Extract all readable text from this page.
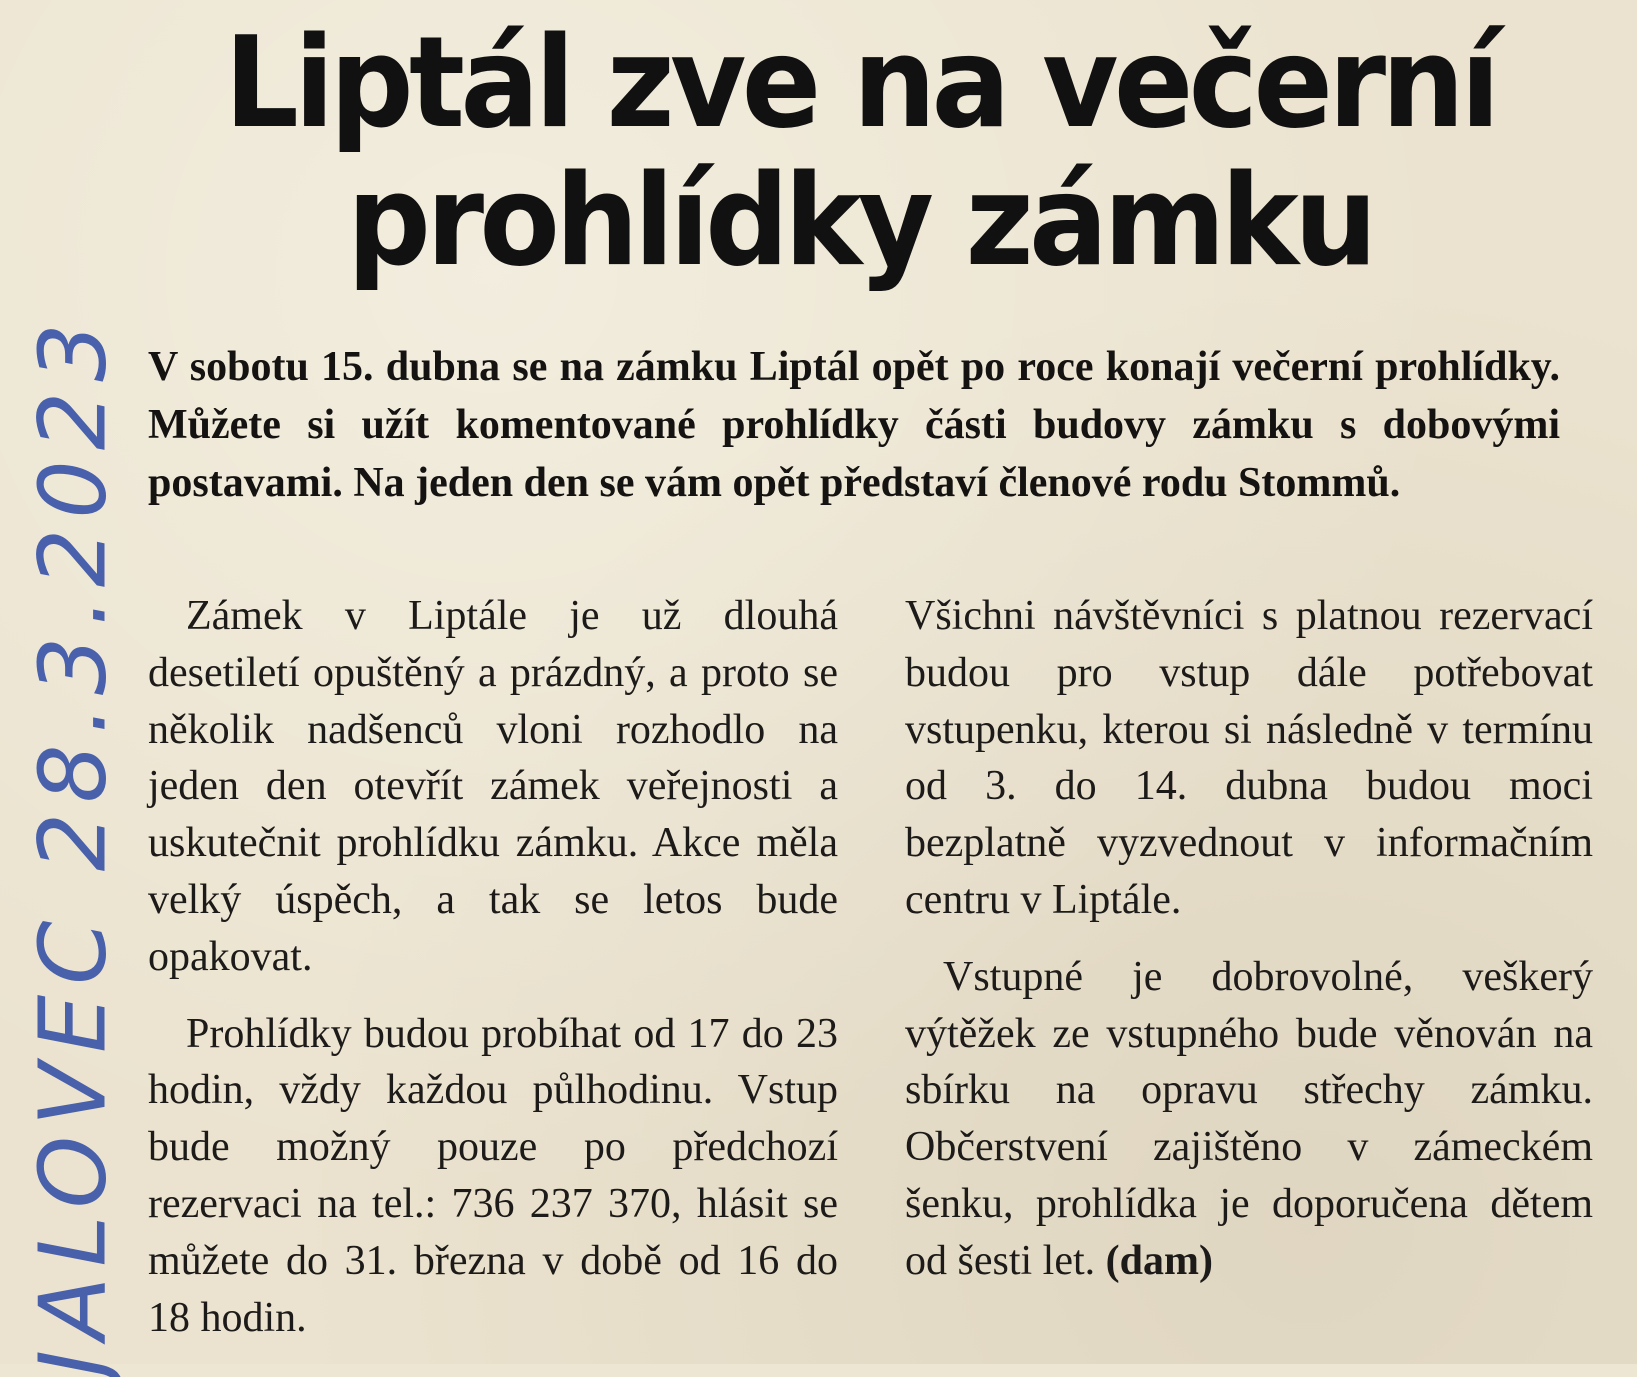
Liptál zve na večerní
prohlídky zámku
JALOVEC 28.3.2023 V sobotu 15. dubna se na zámku Liptál opět po roce konají večerní prohlídky. Můžete si užít komentované prohlídky části budovy zámku s dobovými postavami. Na jeden den se vám opět představí členové rodu Stommů.

Zámek v Liptále je už dlouhá desetiletí opuštěný a prázdný, a proto se několik nadšenců vloni rozhodlo na jeden den otevřít zámek veřejnosti a uskutečnit prohlídku zámku. Akce měla velký úspěch, a tak se letos bude opakovat.

Prohlídky budou probíhat od 17 do 23 hodin, vždy každou půlhodinu. Vstup bude možný pouze po předchozí rezervaci na tel.: 736 237 370, hlásit se můžete do 31. března v době od 16 do 18 hodin.

Všichni návštěvníci s platnou rezervací budou pro vstup dále potřebovat vstupenku, kterou si následně v termínu od 3. do 14. dubna budou moci bezplatně vyzvednout v informačním centru v Liptále.

Vstupné je dobrovolné, veškerý výtěžek ze vstupného bude věnován na sbírku na opravu střechy zámku. Občerstvení zajištěno v zámeckém šenku, prohlídka je doporučena dětem od šesti let. (dam)
